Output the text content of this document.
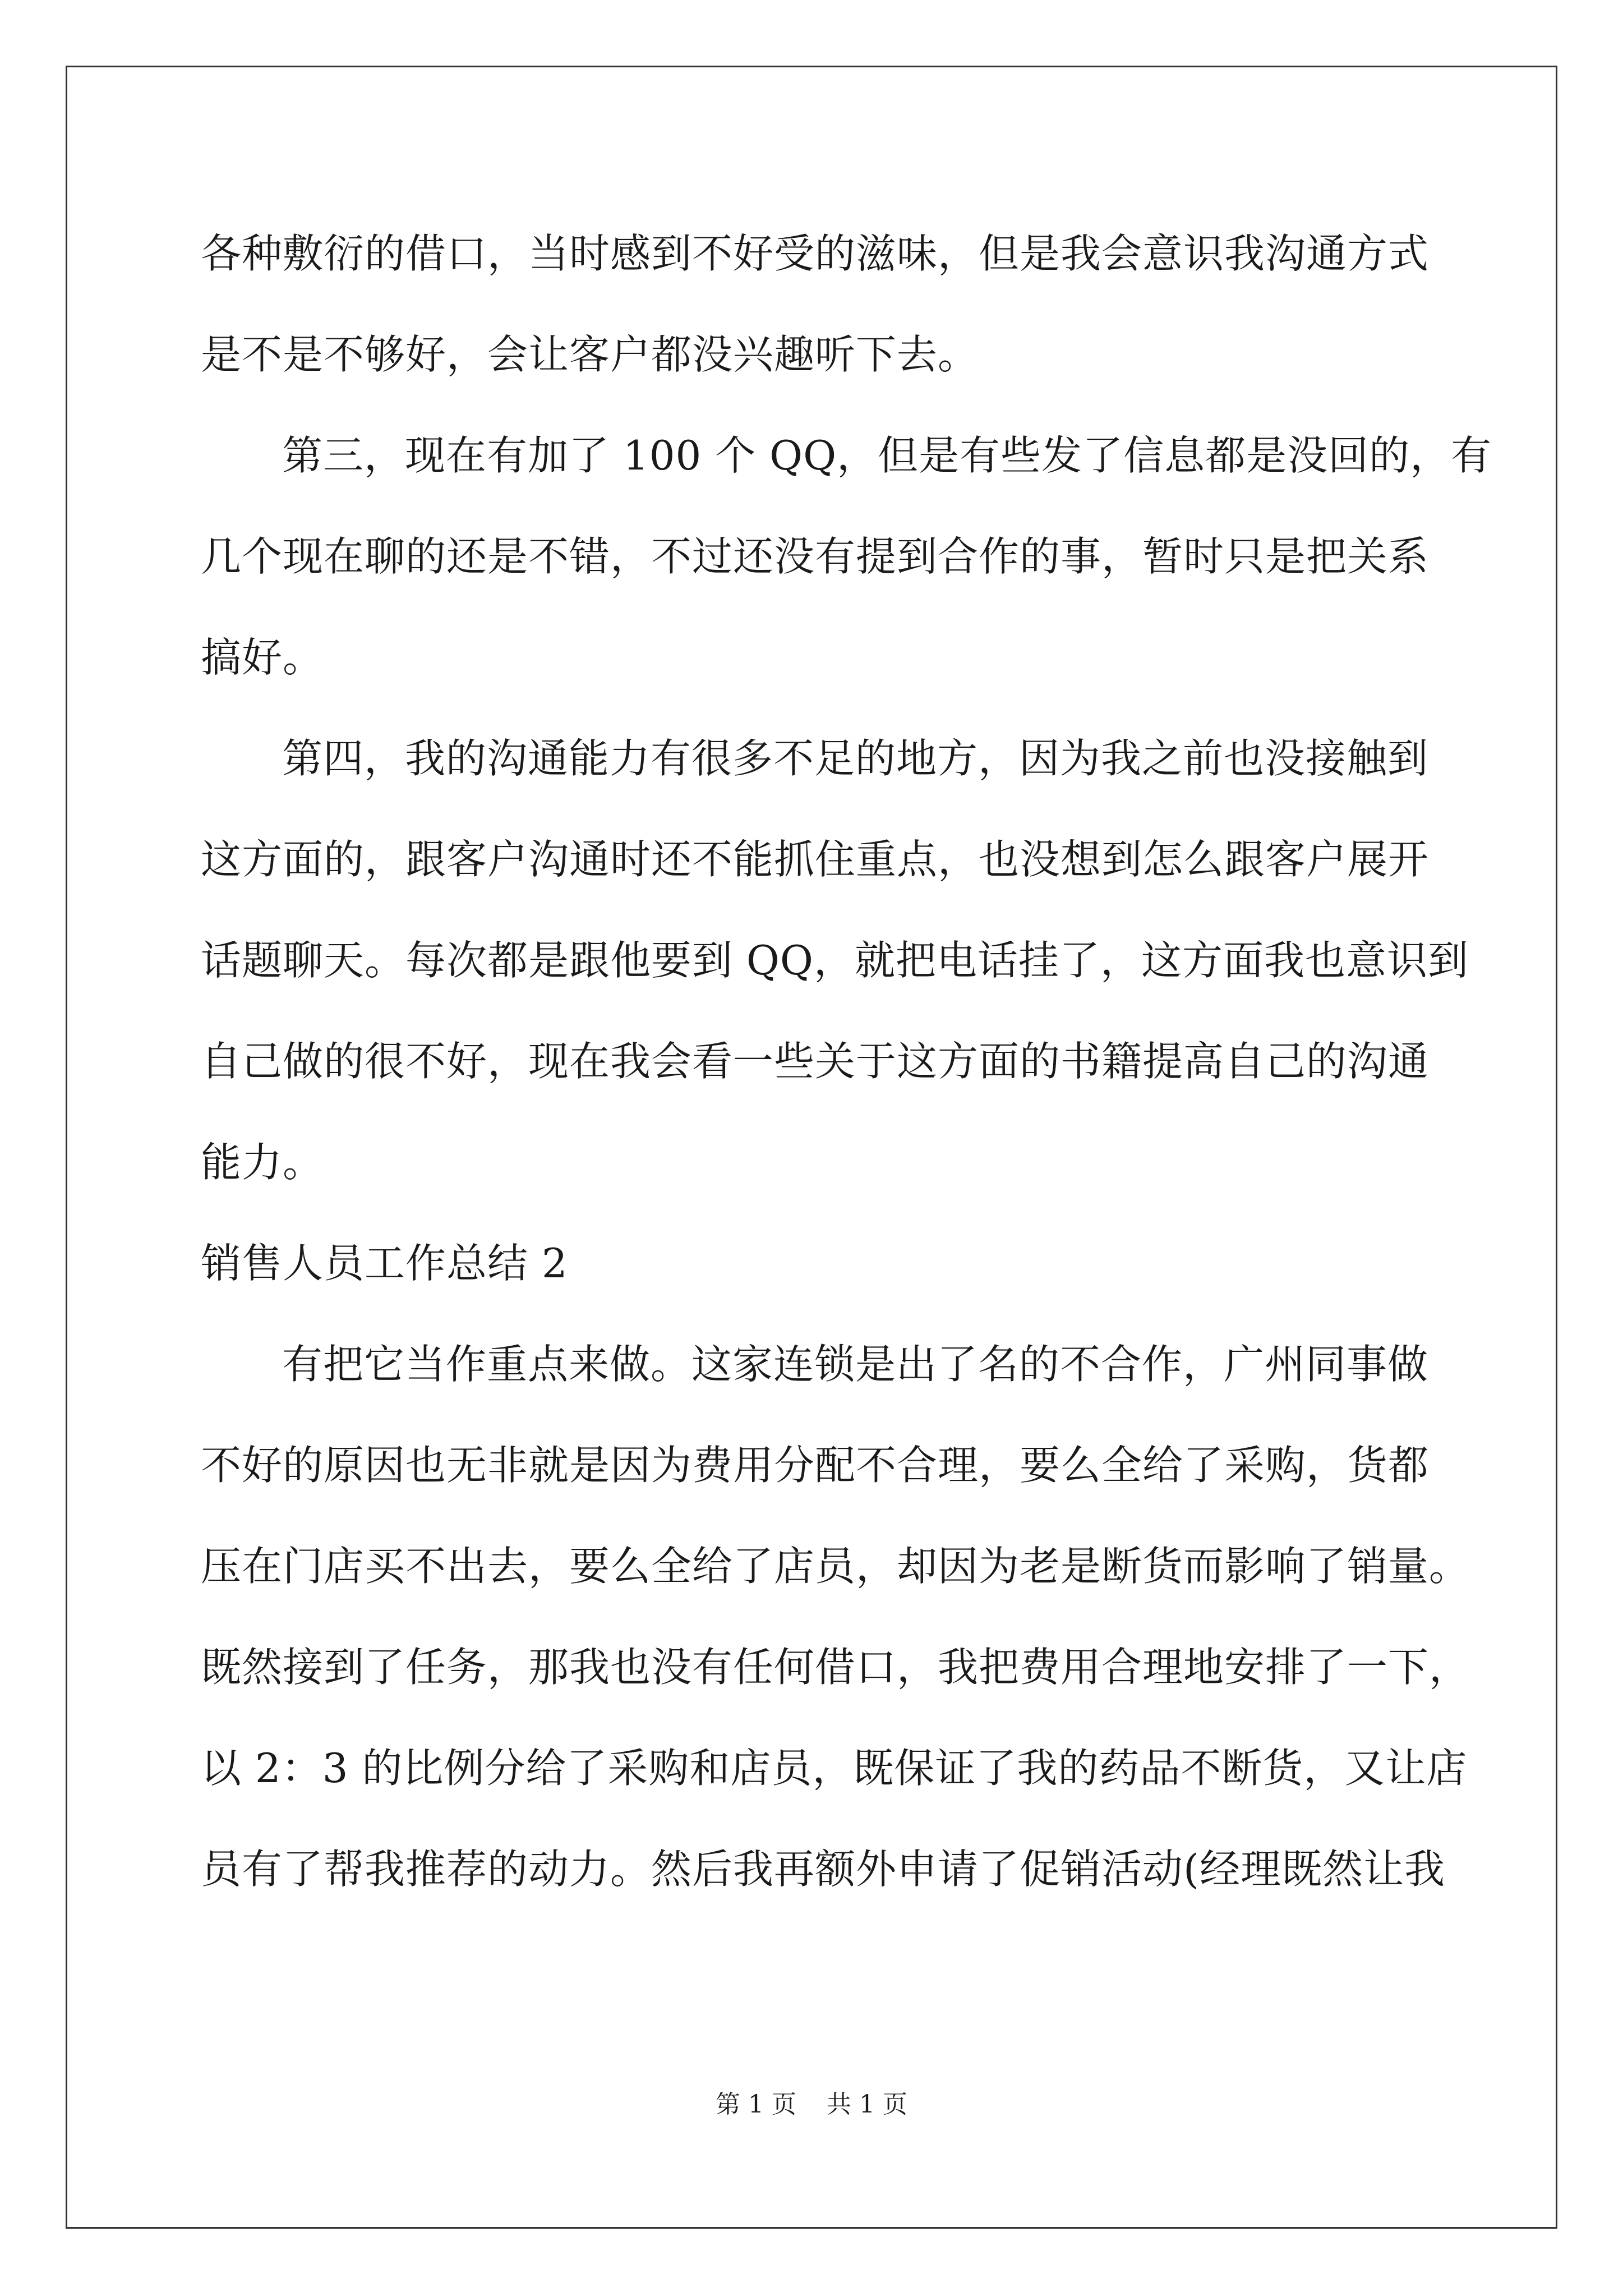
各种敷衍的借口，当时感到不好受的滋味，但是我会意识我沟通方式
是不是不够好，会让客户都没兴趣听下去。
第三，现在有加了 100 个 QQ，但是有些发了信息都是没回的，有
几个现在聊的还是不错，不过还没有提到合作的事，暂时只是把关系
搞好。
第四，我的沟通能力有很多不足的地方，因为我之前也没接触到
这方面的，跟客户沟通时还不能抓住重点，也没想到怎么跟客户展开
话题聊天。每次都是跟他要到 QQ，就把电话挂了，这方面我也意识到
自己做的很不好，现在我会看一些关于这方面的书籍提高自己的沟通
能力。
销售人员工作总结 2
有把它当作重点来做。这家连锁是出了名的不合作，广州同事做
不好的原因也无非就是因为费用分配不合理，要么全给了采购，货都
压在门店买不出去，要么全给了店员，却因为老是断货而影响了销量。
既然接到了任务，那我也没有任何借口，我把费用合理地安排了一下，
以 2：3 的比例分给了采购和店员，既保证了我的药品不断货，又让店
员有了帮我推荐的动力。然后我再额外申请了促销活动(经理既然让我
第 1 页 共 1 页
